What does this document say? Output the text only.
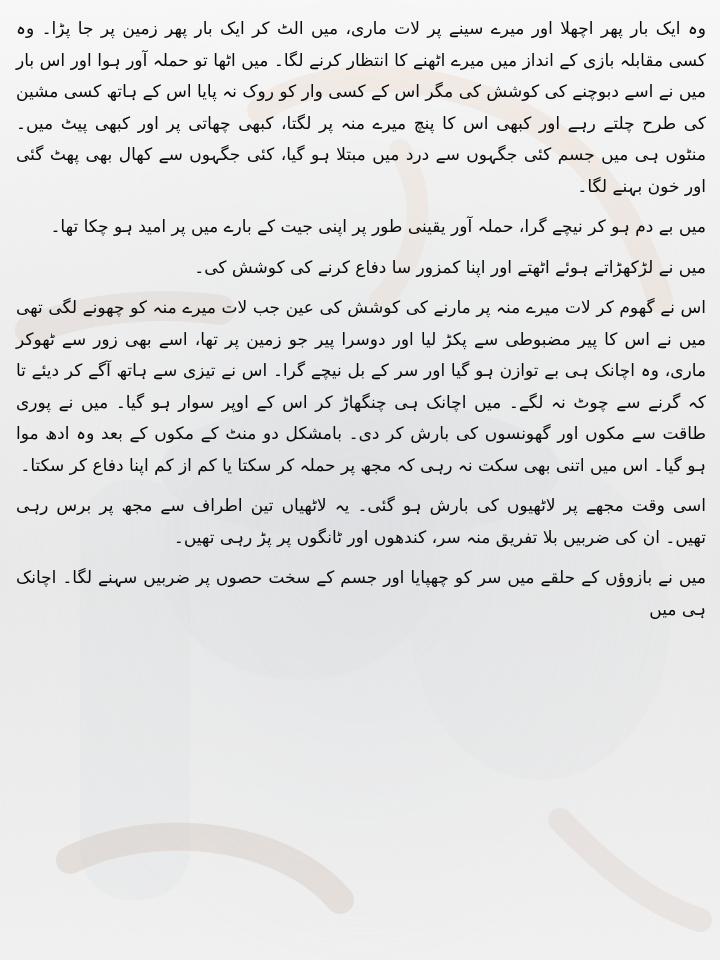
وہ ایک بار پھر اچھلا اور میرے سینے پر لات ماری، میں الٹ کر ایک بار پھر زمین پر جا پڑا۔ وہ کسی مقابلہ بازی کے انداز میں میرے اٹھنے کا انتظار کرنے لگا۔ میں اٹھا تو حملہ آور ہوا اور اس بار میں نے اسے دبوچنے کی کوشش کی مگر اس کے کسی وار کو روک نہ پایا اس کے ہاتھ کسی مشین کی طرح چلتے رہے اور کبھی اس کا پنچ میرے منہ پر لگتا، کبھی چھاتی پر اور کبھی پیٹ میں۔ منٹوں ہی میں جسم کئی جگہوں سے درد میں مبتلا ہو گیا، کئی جگہوں سے کھال بھی پھٹ گئی اور خون بہنے لگا۔

میں بے دم ہو کر نیچے گرا، حملہ آور یقینی طور پر اپنی جیت کے بارے میں پر امید ہو چکا تھا۔

میں نے لڑکھڑاتے ہوئے اٹھتے اور اپنا کمزور سا دفاع کرنے کی کوشش کی۔

اس نے گھوم کر لات میرے منہ پر مارنے کی کوشش کی عین جب لات میرے منہ کو چھونے لگی تھی میں نے اس کا پیر مضبوطی سے پکڑ لیا اور دوسرا پیر جو زمین پر تھا، اسے بھی زور سے ٹھوکر ماری، وہ اچانک ہی بے توازن ہو گیا اور سر کے بل نیچے گرا۔ اس نے تیزی سے ہاتھ آگے کر دیئے تا کہ گرنے سے چوٹ نہ لگے۔ میں اچانک ہی چنگھاڑ کر اس کے اوپر سوار ہو گیا۔ میں نے پوری طاقت سے مکوں اور گھونسوں کی بارش کر دی۔ بامشکل دو منٹ کے مکوں کے بعد وہ ادھ موا ہو گیا۔ اس میں اتنی بھی سکت نہ رہی کہ مجھ پر حملہ کر سکتا یا کم از کم اپنا دفاع کر سکتا۔

اسی وقت مجھے پر لاٹھیوں کی بارش ہو گئی۔ یہ لاٹھیاں تین اطراف سے مجھ پر برس رہی تھیں۔ ان کی ضربیں بلا تفریق منہ سر، کندھوں اور ٹانگوں پر پڑ رہی تھیں۔

میں نے بازوؤں کے حلقے میں سر کو چھپایا اور جسم کے سخت حصوں پر ضربیں سہنے لگا۔ اچانک ہی میں
